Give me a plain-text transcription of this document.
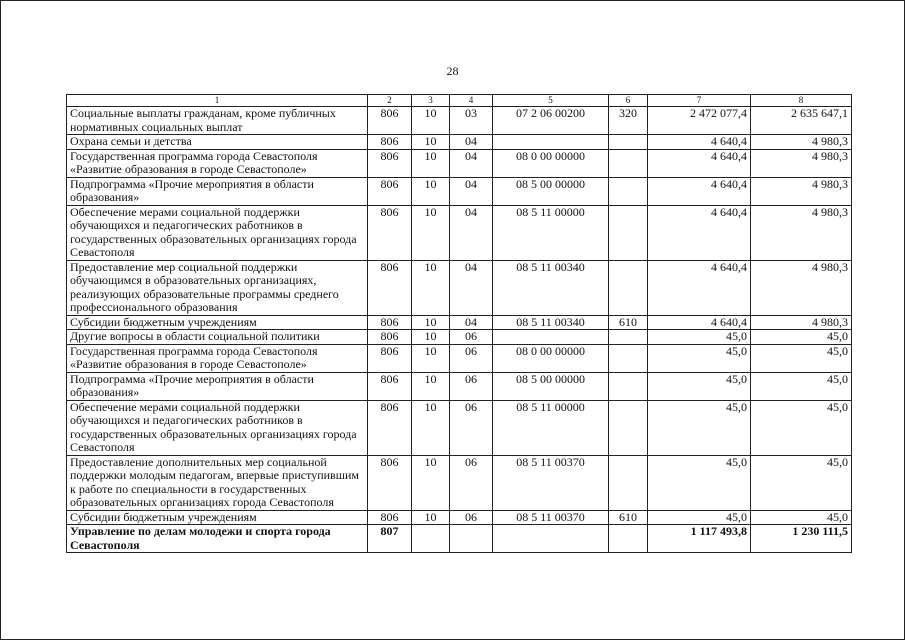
28
1	2	3	4	5	6	7	8
Социальные выплаты гражданам, кроме публичных нормативных социальных выплат	806	10	03	07 2 06 00200	320	2 472 077,4	2 635 647,1
Охрана семьи и детства	806	10	04			4 640,4	4 980,3
Государственная программа города Севастополя «Развитие образования в городе Севастополе»	806	10	04	08 0 00 00000		4 640,4	4 980,3
Подпрограмма «Прочие мероприятия в области образования»	806	10	04	08 5 00 00000		4 640,4	4 980,3
Обеспечение мерами социальной поддержки обучающихся и педагогических работников в государственных образовательных организациях города Севастополя	806	10	04	08 5 11 00000		4 640,4	4 980,3
Предоставление мер социальной поддержки обучающимся в образовательных организациях, реализующих образовательные программы среднего профессионального образования	806	10	04	08 5 11 00340		4 640,4	4 980,3
Субсидии бюджетным учреждениям	806	10	04	08 5 11 00340	610	4 640,4	4 980,3
Другие вопросы в области социальной политики	806	10	06			45,0	45,0
Государственная программа города Севастополя «Развитие образования в городе Севастополе»	806	10	06	08 0 00 00000		45,0	45,0
Подпрограмма «Прочие мероприятия в области образования»	806	10	06	08 5 00 00000		45,0	45,0
Обеспечение мерами социальной поддержки обучающихся и педагогических работников в государственных образовательных организациях города Севастополя	806	10	06	08 5 11 00000		45,0	45,0
Предоставление дополнительных мер социальной поддержки молодым педагогам, впервые приступившим к работе по специальности в государственных образовательных организациях города Севастополя	806	10	06	08 5 11 00370		45,0	45,0
Субсидии бюджетным учреждениям	806	10	06	08 5 11 00370	610	45,0	45,0
Управление по делам молодежи и спорта города Севастополя	807					1 117 493,8	1 230 111,5
